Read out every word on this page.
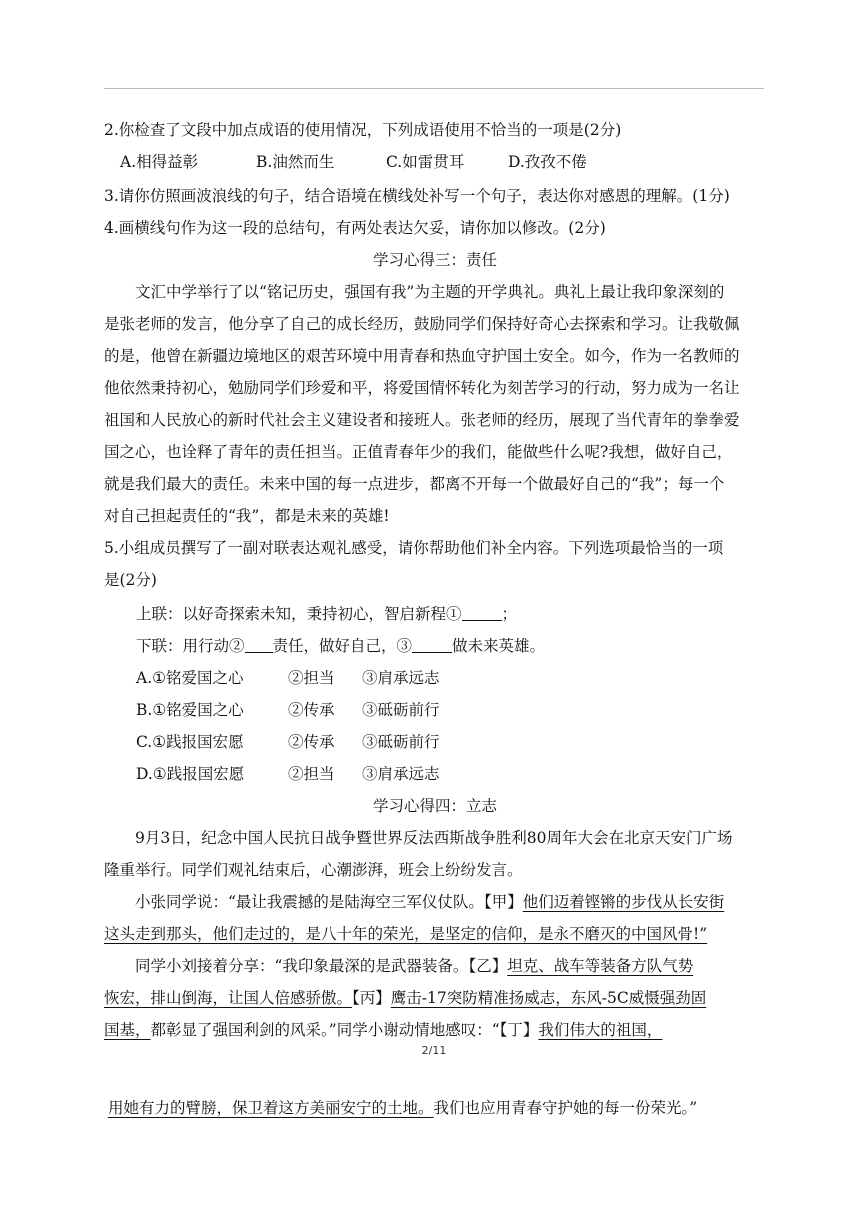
2.你检查了文段中加点成语的使用情况，下列成语使用不恰当的一项是(2分)
A.相得益彰	B.油然而生	C.如雷贯耳	D.孜孜不倦
3.请你仿照画波浪线的句子，结合语境在横线处补写一个句子，表达你对感恩的理解。(1分)
4.画横线句作为这一段的总结句，有两处表达欠妥，请你加以修改。(2分)
学习心得三：责任
文汇中学举行了以“铭记历史，强国有我”为主题的开学典礼。典礼上最让我印象深刻的
是张老师的发言，他分享了自己的成长经历，鼓励同学们保持好奇心去探索和学习。让我敬佩
的是，他曾在新疆边境地区的艰苦环境中用青春和热血守护国土安全。如今，作为一名教师的
他依然秉持初心，勉励同学们珍爱和平，将爱国情怀转化为刻苦学习的行动，努力成为一名让
祖国和人民放心的新时代社会主义建设者和接班人。张老师的经历，展现了当代青年的拳拳爱
国之心，也诠释了青年的责任担当。正值青春年少的我们，能做些什么呢?我想，做好自己，
就是我们最大的责任。未来中国的每一点进步，都离不开每一个做最好自己的“我”；每一个
对自己担起责任的“我”，都是未来的英雄!
5.小组成员撰写了一副对联表达观礼感受，请你帮助他们补全内容。下列选项最恰当的一项
是(2分)
上联：以好奇探索未知，秉持初心，智启新程①	；
下联：用行动② 责任，做好自己，③	做未来英雄。
A.①铭爱国之心	②担当 ③肩承远志
B.①铭爱国之心	②传承 ③砥砺前行
C.①践报国宏愿	②传承 ③砥砺前行
D.①践报国宏愿	②担当 ③肩承远志
学习心得四：立志
9月3日，纪念中国人民抗日战争暨世界反法西斯战争胜利80周年大会在北京天安门广场
隆重举行。同学们观礼结束后，心潮澎湃，班会上纷纷发言。
小张同学说：“最让我震撼的是陆海空三军仪仗队。【甲】他们迈着铿锵的步伐从长安街
这头走到那头，他们走过的，是八十年的荣光，是坚定的信仰，是永不磨灭的中国风骨!”
同学小刘接着分享：“我印象最深的是武器装备。【乙】坦克、战车等装备方队气势
恢宏，排山倒海，让国人倍感骄傲。【丙】鹰击-17突防精准扬威志，东风-5C威慑强劲固
国基，都彰显了强国利剑的风采。”同学小谢动情地感叹：“【丁】我们伟大的祖国，
2/11
用她有力的臂膀，保卫着这方美丽安宁的土地。我们也应用青春守护她的每一份荣光。”
